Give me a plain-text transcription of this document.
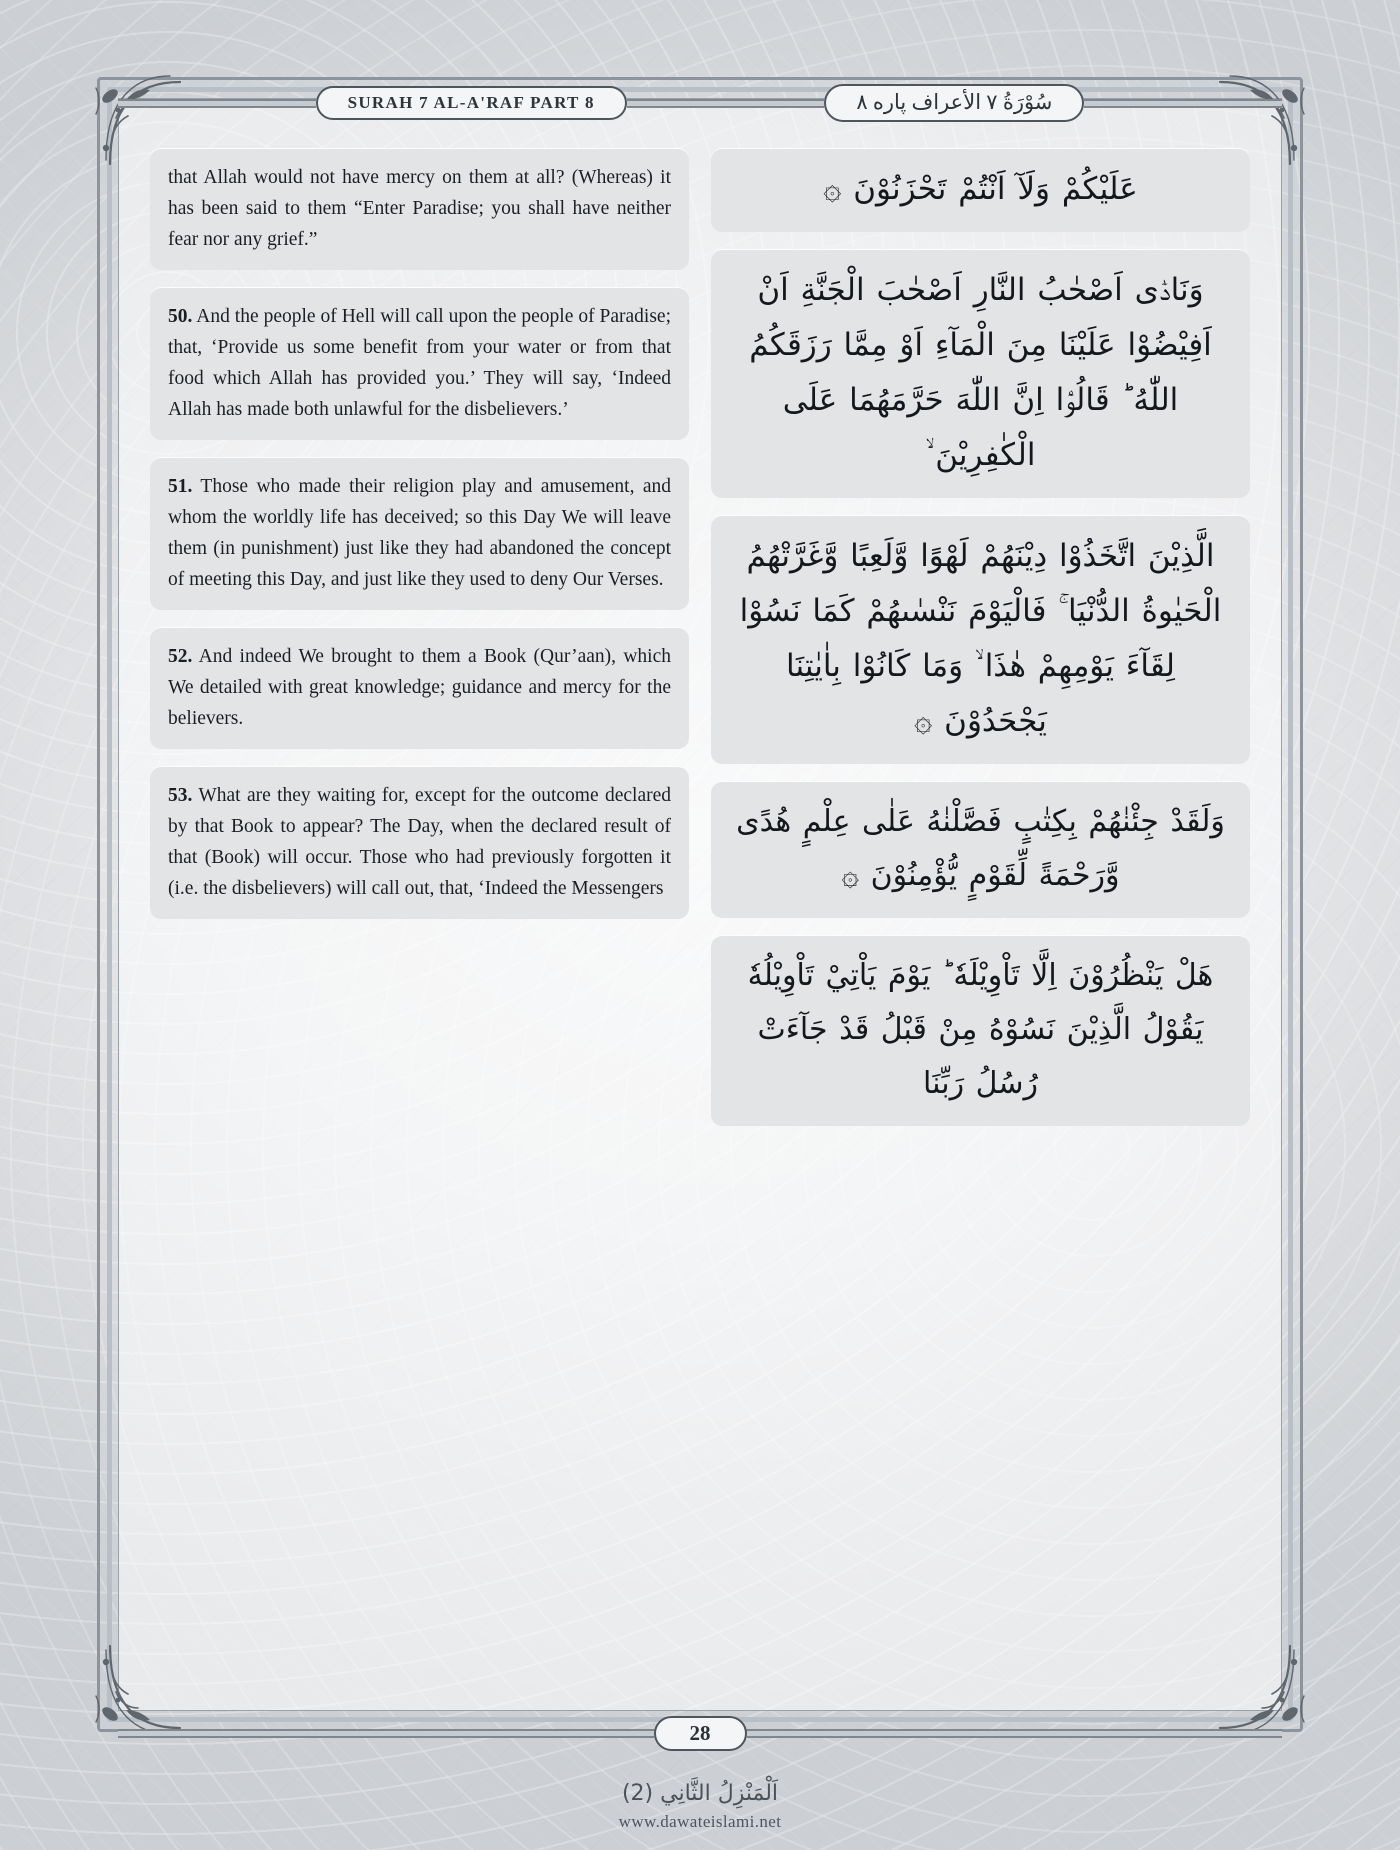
SURAH 7 AL-A'RAF PART 8	سُوْرَةُ ٧ الأعراف پاره ٨

that Allah would not have mercy on them at all? (Whereas) it has been said to them “Enter Paradise; you shall have neither fear nor any grief.”

50. And the people of Hell will call upon the people of Paradise; that, ‘Provide us some benefit from your water or from that food which Allah has provided you.’ They will say, ‘Indeed Allah has made both unlawful for the disbelievers.’

51. Those who made their religion play and amusement, and whom the worldly life has deceived; so this Day We will leave them (in punishment) just like they had abandoned the concept of meeting this Day, and just like they used to deny Our Verses.

52. And indeed We brought to them a Book (Qur’aan), which We detailed with great knowledge; guidance and mercy for the believers.

53. What are they waiting for, except for the outcome declared by that Book to appear? The Day, when the declared result of that (Book) will occur. Those who had previously forgotten it (i.e. the disbelievers) will call out, that, ‘Indeed the Messengers

عَلَيْكُمْ وَلَآ اَنْتُمْ تَحْزَنُوْنَ ۞

وَنَادٰۤى اَصْحٰبُ النَّارِ اَصْحٰبَ الْجَنَّةِ اَنْ اَفِيْضُوْا عَلَيْنَا مِنَ الْمَآءِ اَوْ مِمَّا رَزَقَكُمُ اللّٰهُ ؕ قَالُوْۤا اِنَّ اللّٰهَ حَرَّمَهُمَا عَلَى الْكٰفِرِيْنَ ۙ

الَّذِيْنَ اتَّخَذُوْا دِيْنَهُمْ لَهْوًا وَّلَعِبًا وَّغَرَّتْهُمُ الْحَيٰوةُ الدُّنْيَا ۚ فَالْيَوْمَ نَنْسٰىهُمْ كَمَا نَسُوْا لِقَآءَ يَوْمِهِمْ هٰذَا ۙ وَمَا كَانُوْا بِاٰيٰتِنَا يَجْحَدُوْنَ ۞

وَلَقَدْ جِئْنٰهُمْ بِكِتٰبٍ فَصَّلْنٰهُ عَلٰى عِلْمٍ هُدًى وَّرَحْمَةً لِّقَوْمٍ يُّؤْمِنُوْنَ ۞

هَلْ يَنْظُرُوْنَ اِلَّا تَاْوِيْلَهٗ ؕ يَوْمَ يَاْتِيْ تَاْوِيْلُهٗ يَقُوْلُ الَّذِيْنَ نَسُوْهُ مِنْ قَبْلُ قَدْ جَآءَتْ رُسُلُ رَبِّنَا

28
اَلْمَنْزِلُ الثَّانِي (2)
www.dawateislami.net
